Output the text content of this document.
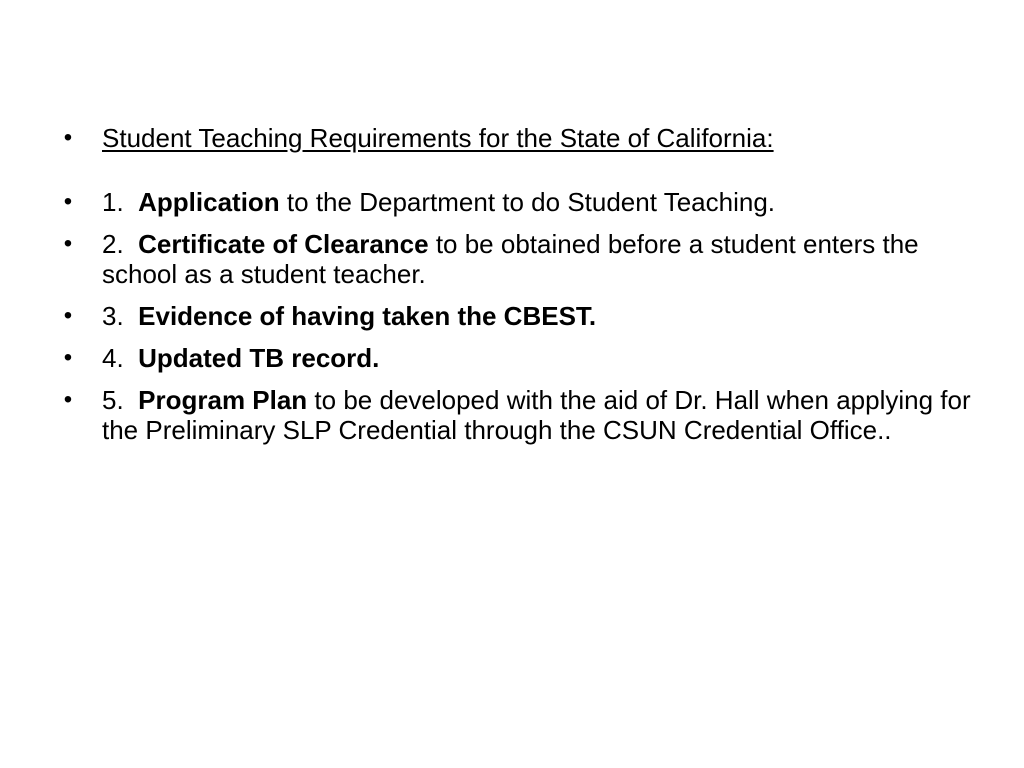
• Student Teaching Requirements for the State of California:
• 1. Application to the Department to do Student Teaching.
• 2. Certificate of Clearance to be obtained before a student enters the school as a student teacher.
• 3. Evidence of having taken the CBEST.
• 4. Updated TB record.
• 5. Program Plan to be developed with the aid of Dr. Hall when applying for the Preliminary SLP Credential through the CSUN Credential Office..
